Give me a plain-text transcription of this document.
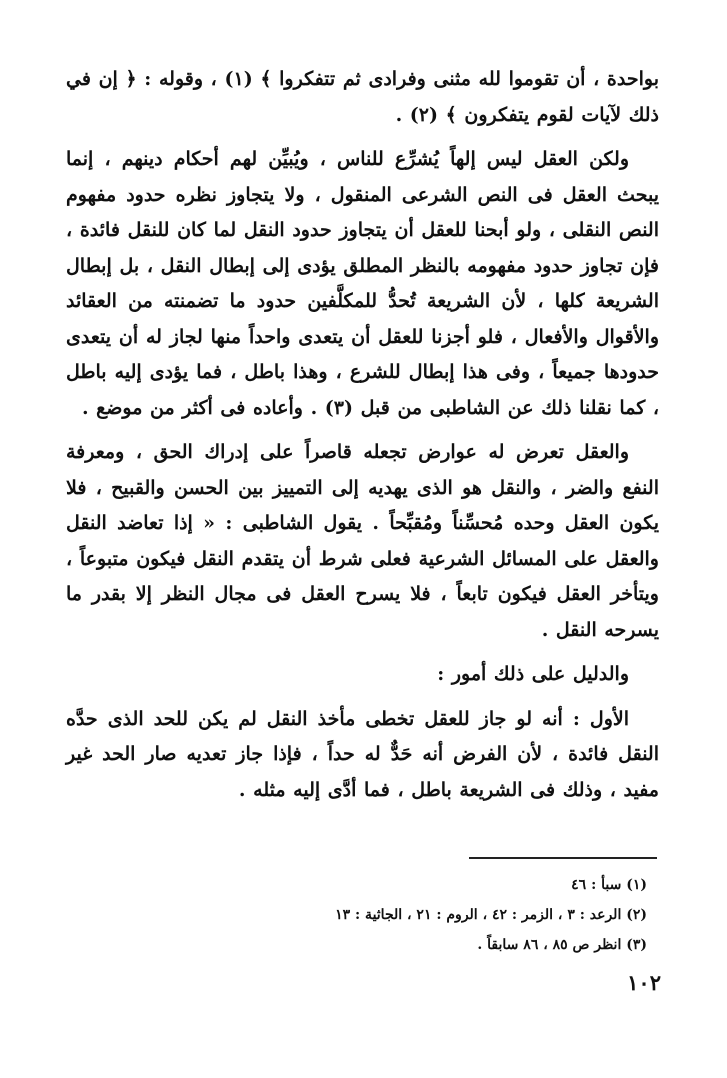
بواحدة ، أن تقوموا لله مثنى وفرادى ثم تتفكروا ﴾ (١) ، وقوله : ﴿ إن في ذلك لآيات لقوم يتفكرون ﴾ (٢) .

ولكن العقل ليس إلهاً يُشرِّع للناس ، ويُبيِّن لهم أحكام دينهم ، إنما يبحث العقل فى النص الشرعى المنقول ، ولا يتجاوز نظره حدود مفهوم النص النقلى ، ولو أبحنا للعقل أن يتجاوز حدود النقل لما كان للنقل فائدة ، فإن تجاوز حدود مفهومه بالنظر المطلق يؤدى إلى إبطال النقل ، بل إبطال الشريعة كلها ، لأن الشريعة تُحدُّ للمكلَّفين حدود ما تضمنته من العقائد والأقوال والأفعال ، فلو أجزنا للعقل أن يتعدى واحداً منها لجاز له أن يتعدى حدودها جميعاً ، وفى هذا إبطال للشرع ، وهذا باطل ، فما يؤدى إليه باطل ، كما نقلنا ذلك عن الشاطبى من قبل (٣) . وأعاده فى أكثر من موضع .

والعقل تعرض له عوارض تجعله قاصراً على إدراك الحق ، ومعرفة النفع والضر ، والنقل هو الذى يهديه إلى التمييز بين الحسن والقبيح ، فلا يكون العقل وحده مُحسِّناً ومُقبِّحاً . يقول الشاطبى : « إذا تعاضد النقل والعقل على المسائل الشرعية فعلى شرط أن يتقدم النقل فيكون متبوعاً ، ويتأخر العقل فيكون تابعاً ، فلا يسرح العقل فى مجال النظر إلا بقدر ما يسرحه النقل .

والدليل على ذلك أمور :

الأول : أنه لو جاز للعقل تخطى مأخذ النقل لم يكن للحد الذى حدَّه النقل فائدة ، لأن الفرض أنه حَدٌّ له حداً ، فإذا جاز تعديه صار الحد غير مفيد ، وذلك فى الشريعة باطل ، فما أدَّى إليه مثله .

(١) سبأ : ٤٦
(٢) الرعد : ٣ ، الزمر : ٤٢ ، الروم : ٢١ ، الجاثية : ١٣
(٣) انظر ص ٨٥ ، ٨٦ سابقاً .
١٠٢
